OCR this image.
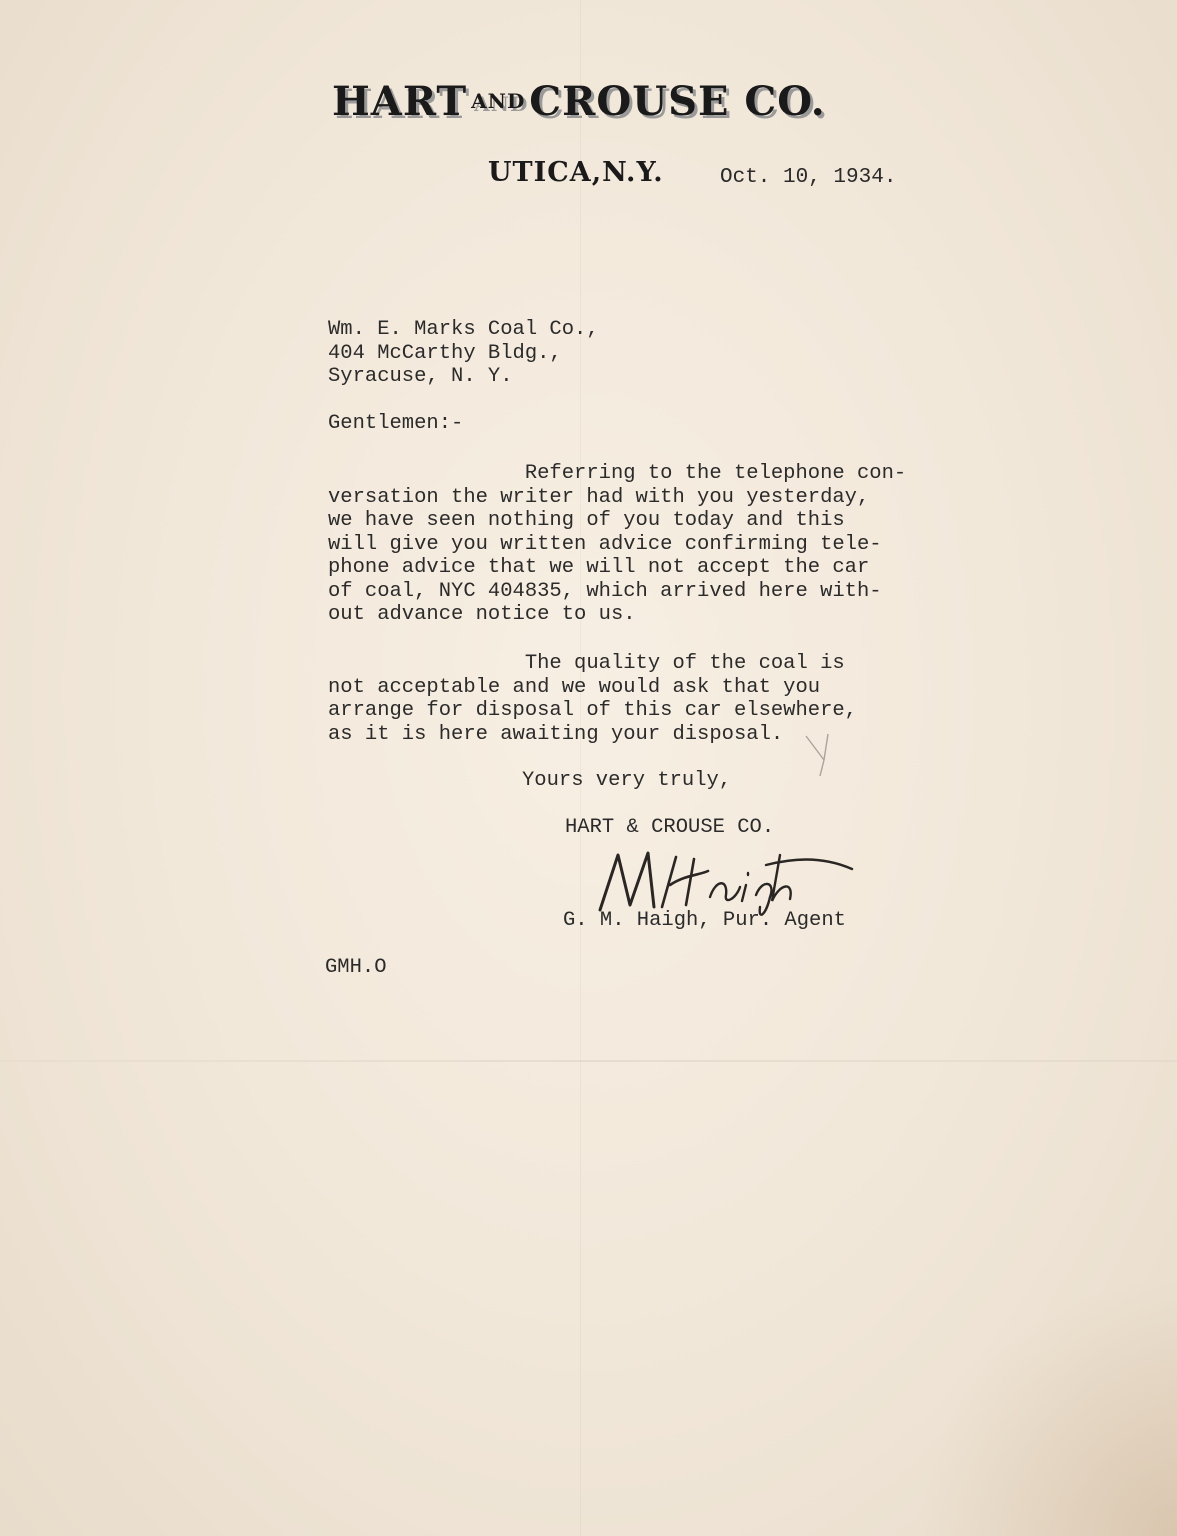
HART AND CROUSE CO.
UTICA,N.Y.	Oct. 10, 1934.
Wm. E. Marks Coal Co.,
404 McCarthy Bldg.,
Syracuse, N. Y.
Gentlemen:-
Referring to the telephone con-
versation the writer had with you yesterday,
we have seen nothing of you today and this
will give you written advice confirming tele-
phone advice that we will not accept the car
of coal, NYC 404835, which arrived here with-
out advance notice to us.
The quality of the coal is
not acceptable and we would ask that you
arrange for disposal of this car elsewhere,
as it is here awaiting your disposal.
Yours very truly,
HART & CROUSE CO.
G. M. Haigh, Pur. Agent
GMH.O
